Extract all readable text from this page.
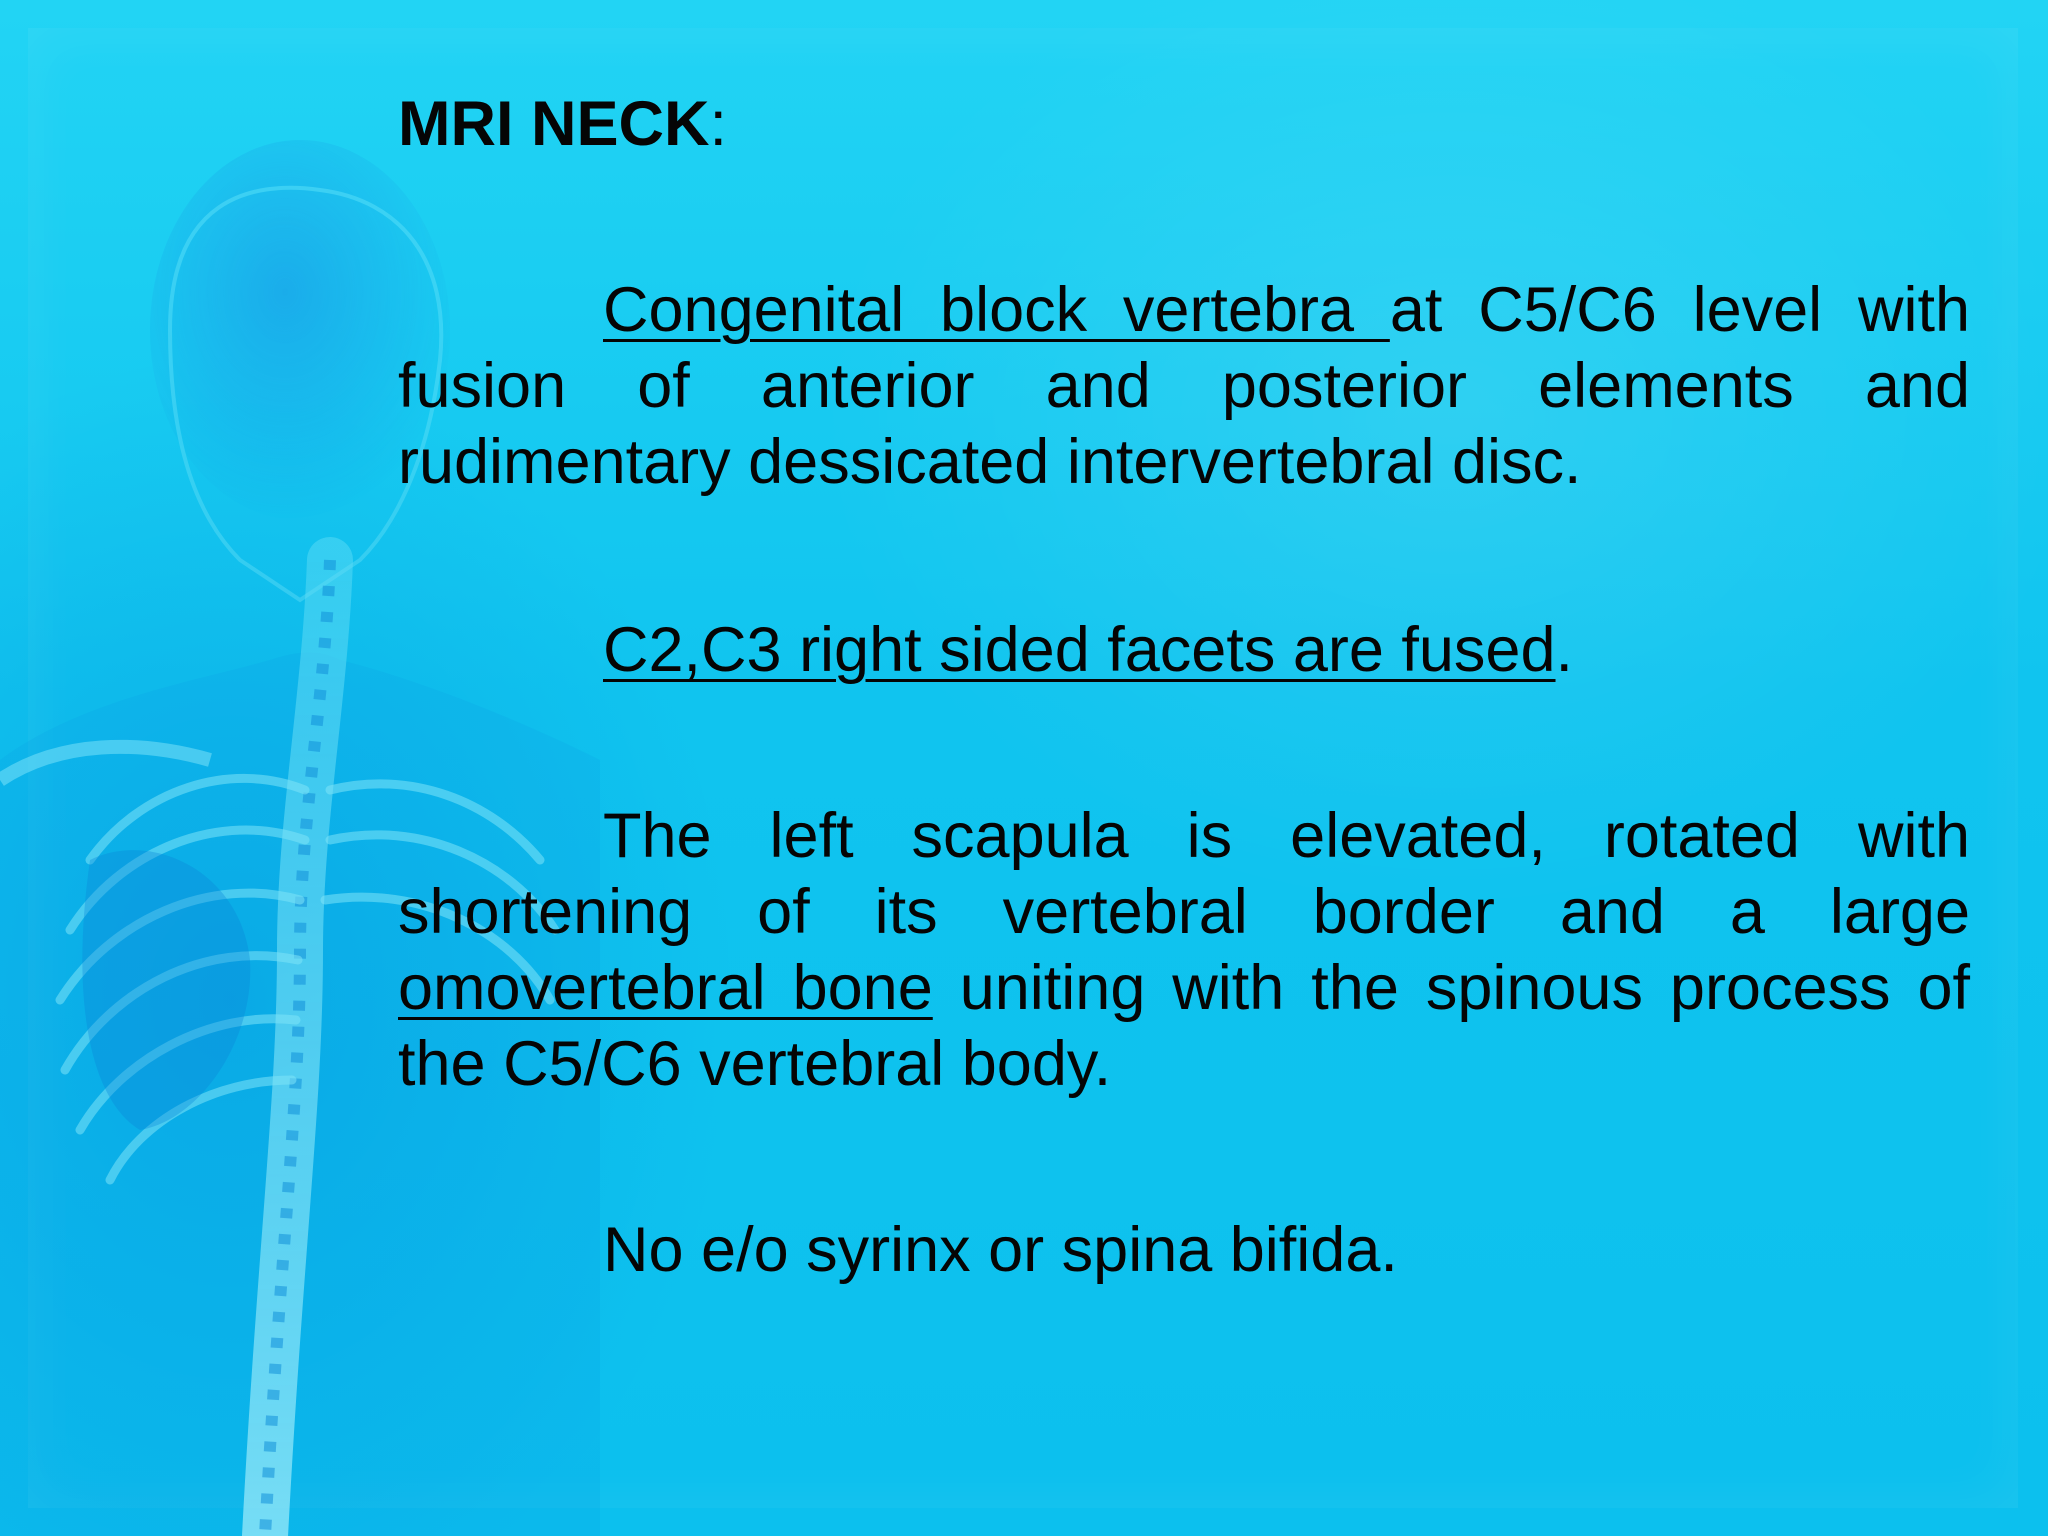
MRI NECK:

Congenital block vertebra at C5/C6 level with fusion of anterior and posterior elements and rudimentary dessicated intervertebral disc.

C2,C3 right sided facets are fused.

The left scapula is elevated, rotated with shortening of its vertebral border and a large omovertebral bone uniting with the spinous process of the C5/C6 vertebral body.

No e/o syrinx or spina bifida.
